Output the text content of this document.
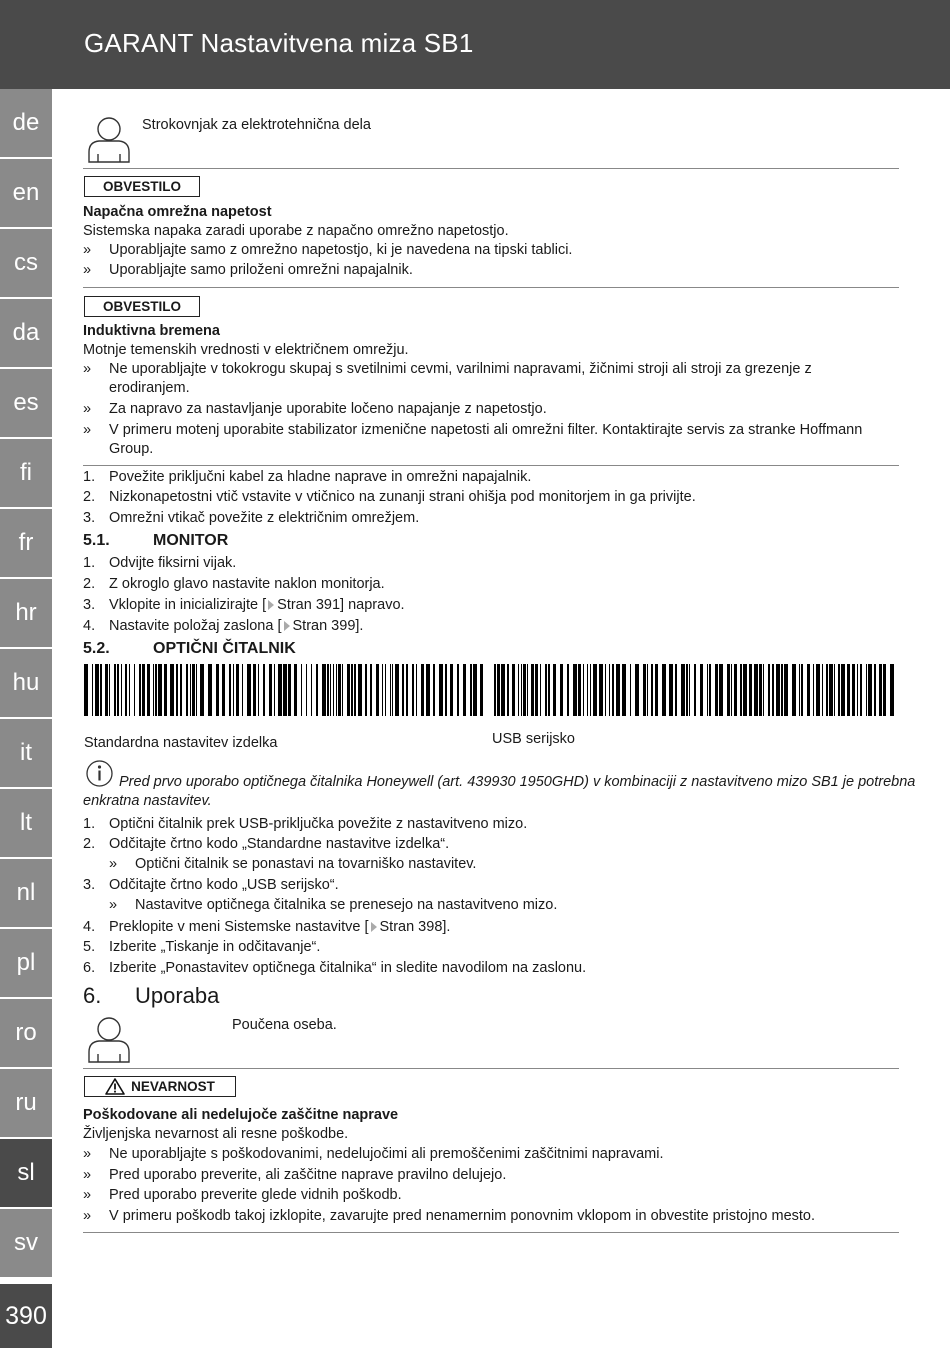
GARANT Nastavitvena miza SB1
de
en
cs
da
es
fi
fr
hr
hu
it
lt
nl
pl
ro
ru
sl
sv
390
Strokovnjak za elektrotehnična dela
OBVESTILO
Napačna omrežna napetost
Sistemska napaka zaradi uporabe z napačno omrežno napetostjo.
» Uporabljajte samo z omrežno napetostjo, ki je navedena na tipski tablici.
» Uporabljajte samo priloženi omrežni napajalnik.
OBVESTILO
Induktivna bremena
Motnje temenskih vrednosti v električnem omrežju.
» Ne uporabljajte v tokokrogu skupaj s svetilnimi cevmi, varilnimi napravami, žičnimi stroji ali stroji za grezenje z
erodiranjem.
» Za napravo za nastavljanje uporabite ločeno napajanje z napetostjo.
» V primeru motenj uporabite stabilizator izmenične napetosti ali omrežni filter. Kontaktirajte servis za stranke Hoffmann
Group.
1. Povežite priključni kabel za hladne naprave in omrežni napajalnik.
2. Nizkonapetostni vtič vstavite v vtičnico na zunanji strani ohišja pod monitorjem in ga privijte.
3. Omrežni vtikač povežite z električnim omrežjem.
5.1.	MONITOR
1. Odvijte fiksirni vijak.
2. Z okroglo glavo nastavite naklon monitorja.
3. Vklopite in inicializirajte [ Stran 391] napravo.
4. Nastavite položaj zaslona [ Stran 399].
5.2.	OPTIČNI ČITALNIK
Standardna nastavitev izdelka	USB serijsko
Pred prvo uporabo optičnega čitalnika Honeywell (art. 439930 1950GHD) v kombinaciji z nastavitveno mizo SB1 je potrebna
enkratna nastavitev.
1. Optični čitalnik prek USB-priključka povežite z nastavitveno mizo.
2. Odčitajte črtno kodo „Standardne nastavitve izdelka“.
» Optični čitalnik se ponastavi na tovarniško nastavitev.
3. Odčitajte črtno kodo „USB serijsko“.
» Nastavitve optičnega čitalnika se prenesejo na nastavitveno mizo.
4. Preklopite v meni Sistemske nastavitve [ Stran 398].
5. Izberite „Tiskanje in odčitavanje“.
6. Izberite „Ponastavitev optičnega čitalnika“ in sledite navodilom na zaslonu.
6. Uporaba
Poučena oseba.
NEVARNOST
Poškodovane ali nedelujoče zaščitne naprave
Življenjska nevarnost ali resne poškodbe.
» Ne uporabljajte s poškodovanimi, nedelujočimi ali premoščenimi zaščitnimi napravami.
» Pred uporabo preverite, ali zaščitne naprave pravilno delujejo.
» Pred uporabo preverite glede vidnih poškodb.
» V primeru poškodb takoj izklopite, zavarujte pred nenamernim ponovnim vklopom in obvestite pristojno mesto.
